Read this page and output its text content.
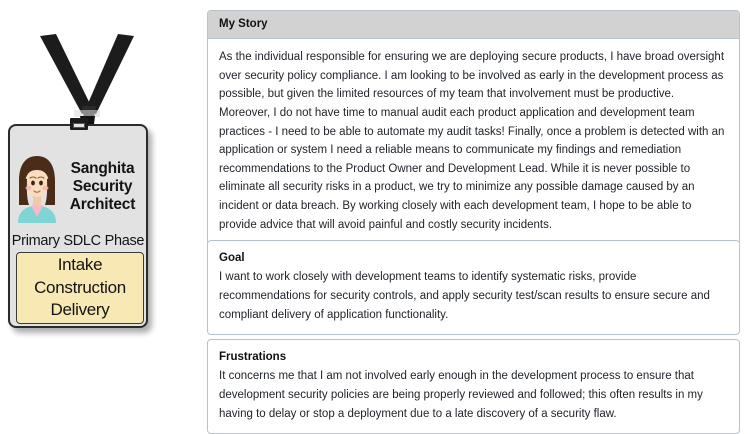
Sanghita
Security
Architect
Primary SDLC Phase
Intake
Construction
Delivery
My Story
As the individual responsible for ensuring we are deploying secure products, I have broad oversight over security policy compliance. I am looking to be involved as early in the development process as possible, but given the limited resources of my team that involvement must be productive. Moreover, I do not have time to manual audit each product application and development team practices - I need to be able to automate my audit tasks! Finally, once a problem is detected with an application or system I need a reliable means to communicate my findings and remediation recommendations to the Product Owner and Development Lead. While it is never possible to eliminate all security risks in a product, we try to minimize any possible damage caused by an incident or data breach. By working closely with each development team, I hope to be able to provide advice that will avoid painful and costly security incidents.
Goal
I want to work closely with development teams to identify systematic risks, provide recommendations for security controls, and apply security test/scan results to ensure secure and compliant delivery of application functionality.
Frustrations
It concerns me that I am not involved early enough in the development process to ensure that development security policies are being properly reviewed and followed; this often results in my having to delay or stop a deployment due to a late discovery of a security flaw.
